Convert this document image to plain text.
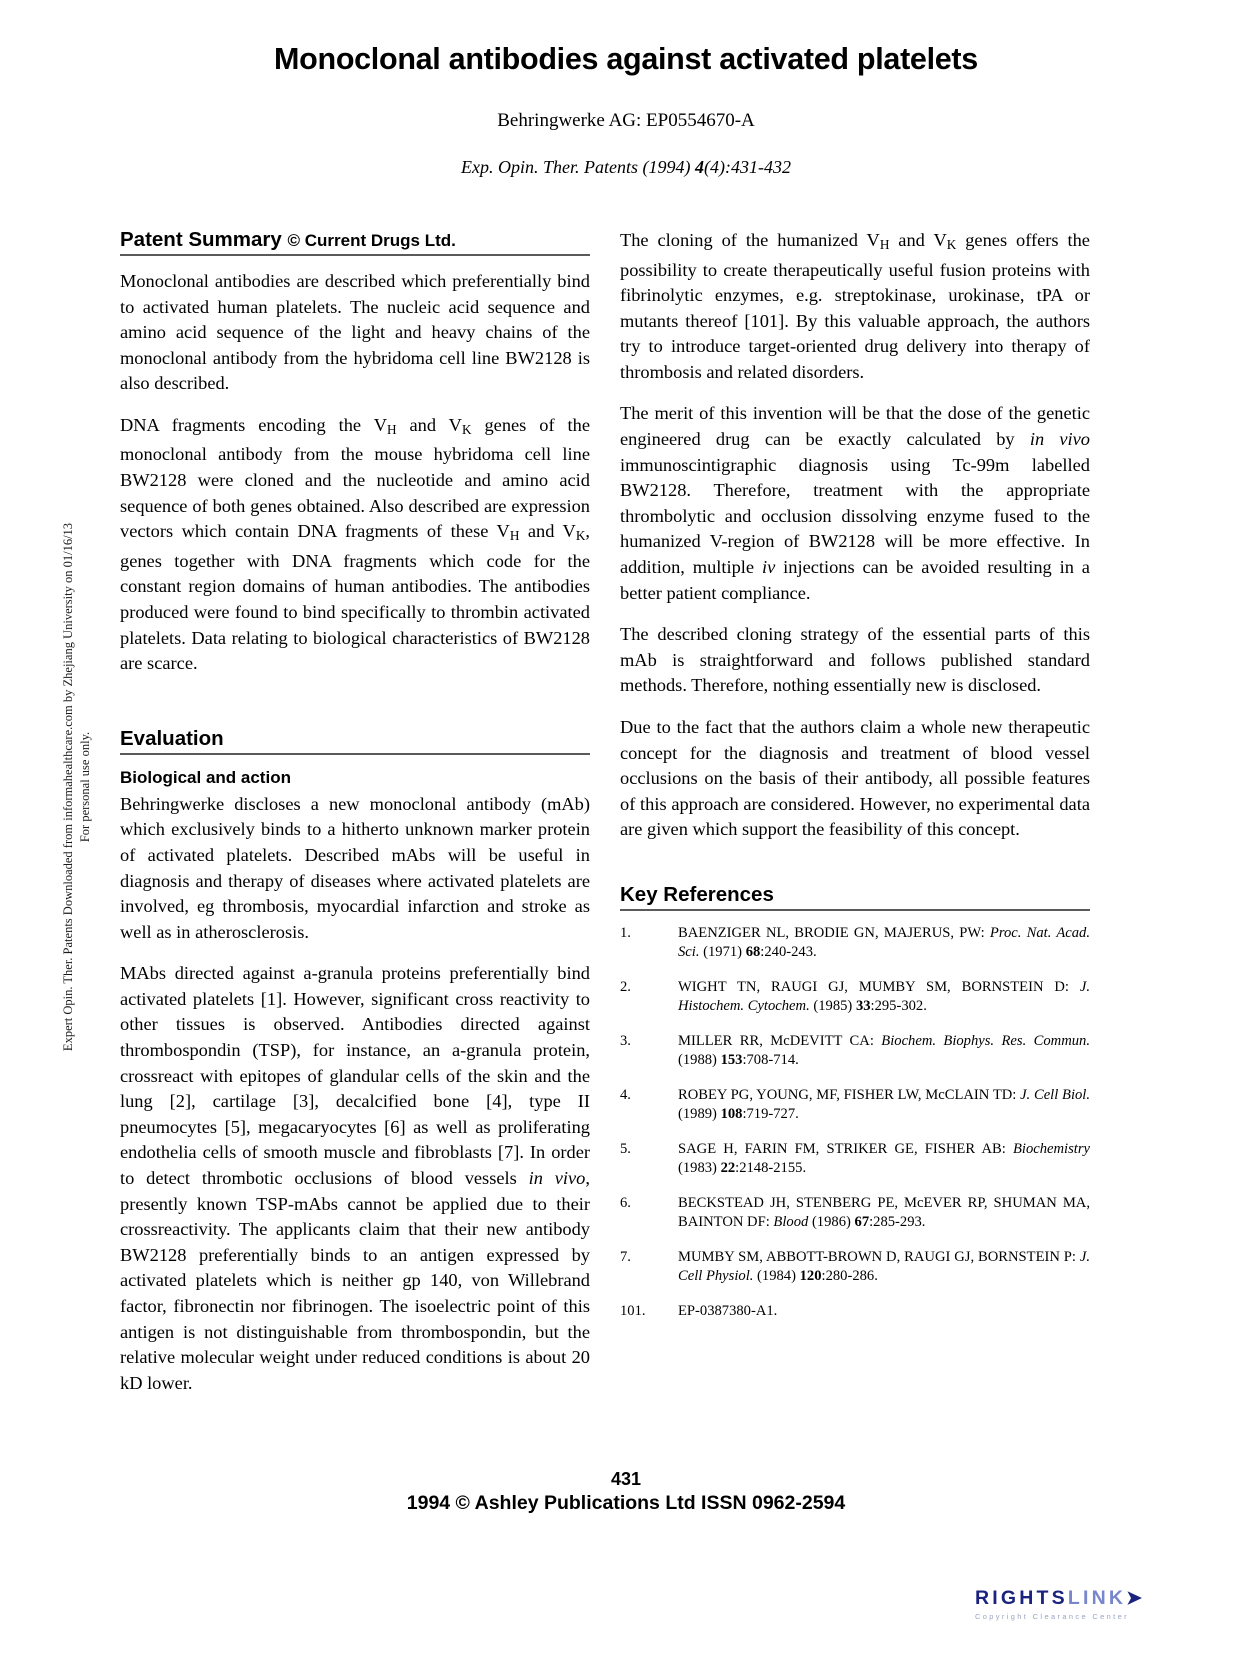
Expert Opin. Ther. Patents Downloaded from informahealthcare.com by Zhejiang University on 01/16/13 For personal use only.
Monoclonal antibodies against activated platelets
Behringwerke AG: EP0554670-A
Exp. Opin. Ther. Patents (1994) 4(4):431-432
Patent Summary © Current Drugs Ltd.

Monoclonal antibodies are described which preferentially bind to activated human platelets. The nucleic acid sequence and amino acid sequence of the light and heavy chains of the monoclonal antibody from the hybridoma cell line BW2128 is also described.

DNA fragments encoding the $V_H$ and $V_K$ genes of the monoclonal antibody from the mouse hybridoma cell line BW2128 were cloned and the nucleotide and amino acid sequence of both genes obtained. Also described are expression vectors which contain DNA fragments of these $V_H$ and $V_K$, genes together with DNA fragments which code for the constant region domains of human antibodies. The antibodies produced were found to bind specifically to thrombin activated platelets. Data relating to biological characteristics of BW2128 are scarce.

Evaluation
Biological and action

Behringwerke discloses a new monoclonal antibody (mAb) which exclusively binds to a hitherto unknown marker protein of activated platelets. Described mAbs will be useful in diagnosis and therapy of diseases where activated platelets are involved, eg thrombosis, myocardial infarction and stroke as well as in atherosclerosis.

MAbs directed against a-granula proteins preferentially bind activated platelets [1]. However, significant cross reactivity to other tissues is observed. Antibodies directed against thrombospondin (TSP), for instance, an a-granula protein, crossreact with epitopes of glandular cells of the skin and the lung [2], cartilage [3], decalcified bone [4], type II pneumocytes [5], megacaryocytes [6] as well as proliferating endothelia cells of smooth muscle and fibroblasts [7]. In order to detect thrombotic occlusions of blood vessels in vivo, presently known TSP-mAbs cannot be applied due to their crossreactivity. The applicants claim that their new antibody BW2128 preferentially binds to an antigen expressed by activated platelets which is neither gp 140, von Willebrand factor, fibronectin nor fibrinogen. The isoelectric point of this antigen is not distinguishable from thrombospondin, but the relative molecular weight under reduced conditions is about 20 kD lower.

The cloning of the humanized $V_H$ and $V_K$ genes offers the possibility to create therapeutically useful fusion proteins with fibrinolytic enzymes, e.g. streptokinase, urokinase, tPA or mutants thereof [101]. By this valuable approach, the authors try to introduce target-oriented drug delivery into therapy of thrombosis and related disorders.

The merit of this invention will be that the dose of the genetic engineered drug can be exactly calculated by in vivo immunoscintigraphic diagnosis using Tc-99m labelled BW2128. Therefore, treatment with the appropriate thrombolytic and occlusion dissolving enzyme fused to the humanized V-region of BW2128 will be more effective. In addition, multiple iv injections can be avoided resulting in a better patient compliance.

The described cloning strategy of the essential parts of this mAb is straightforward and follows published standard methods. Therefore, nothing essentially new is disclosed.

Due to the fact that the authors claim a whole new therapeutic concept for the diagnosis and treatment of blood vessel occlusions on the basis of their antibody, all possible features of this approach are considered. However, no experimental data are given which support the feasibility of this concept.

Key References
1.	BAENZIGER NL, BRODIE GN, MAJERUS, PW: Proc. Nat. Acad. Sci. (1971) 68:240-243.
2.	WIGHT TN, RAUGI GJ, MUMBY SM, BORNSTEIN D: J. Histochem. Cytochem. (1985) 33:295-302.
3.	MILLER RR, McDEVITT CA: Biochem. Biophys. Res. Commun. (1988) 153:708-714.
4.	ROBEY PG, YOUNG, MF, FISHER LW, McCLAIN TD: J. Cell Biol. (1989) 108:719-727.
5.	SAGE H, FARIN FM, STRIKER GE, FISHER AB: Biochemistry (1983) 22:2148-2155.
6.	BECKSTEAD JH, STENBERG PE, McEVER RP, SHUMAN MA, BAINTON DF: Blood (1986) 67:285-293.
7.	MUMBY SM, ABBOTT-BROWN D, RAUGI GJ, BORNSTEIN P: J. Cell Physiol. (1984) 120:280-286.
101.	EP-0387380-A1.
431
1994 © Ashley Publications Ltd ISSN 0962-2594
RIGHTSLINK➤
Copyright Clearance Center
